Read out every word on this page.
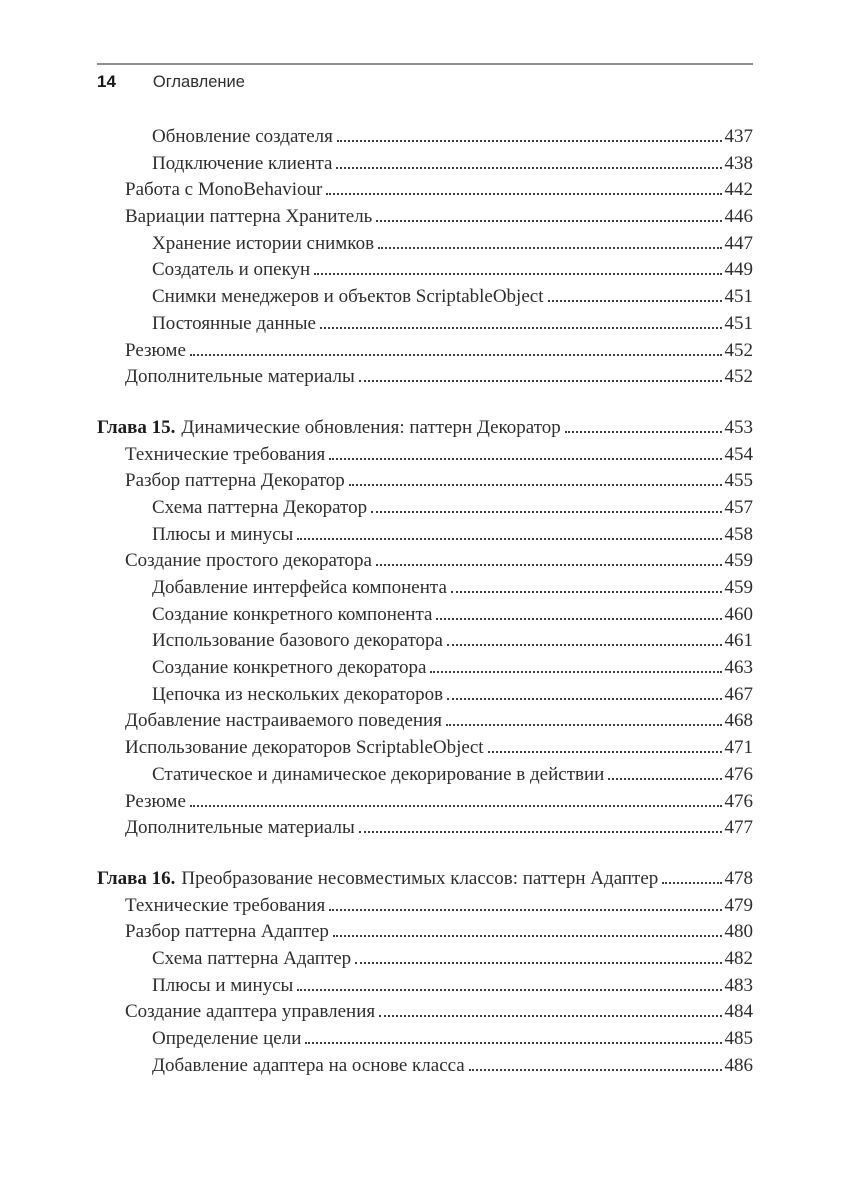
14 Оглавление
Обновление создателя	437
Подключение клиента	438
Работа с MonoBehaviour	442
Вариации паттерна Хранитель	446
Хранение истории снимков	447
Создатель и опекун	449
Снимки менеджеров и объектов ScriptableObject	451
Постоянные данные	451
Резюме	452
Дополнительные материалы	452
Глава 15. Динамические обновления: паттерн Декоратор	453
Технические требования	454
Разбор паттерна Декоратор	455
Схема паттерна Декоратор	457
Плюсы и минусы	458
Создание простого декоратора	459
Добавление интерфейса компонента	459
Создание конкретного компонента	460
Использование базового декоратора	461
Создание конкретного декоратора	463
Цепочка из нескольких декораторов	467
Добавление настраиваемого поведения	468
Использование декораторов ScriptableObject	471
Статическое и динамическое декорирование в действии	476
Резюме	476
Дополнительные материалы	477
Глава 16. Преобразование несовместимых классов: паттерн Адаптер	478
Технические требования	479
Разбор паттерна Адаптер	480
Схема паттерна Адаптер	482
Плюсы и минусы	483
Создание адаптера управления	484
Определение цели	485
Добавление адаптера на основе класса	486
